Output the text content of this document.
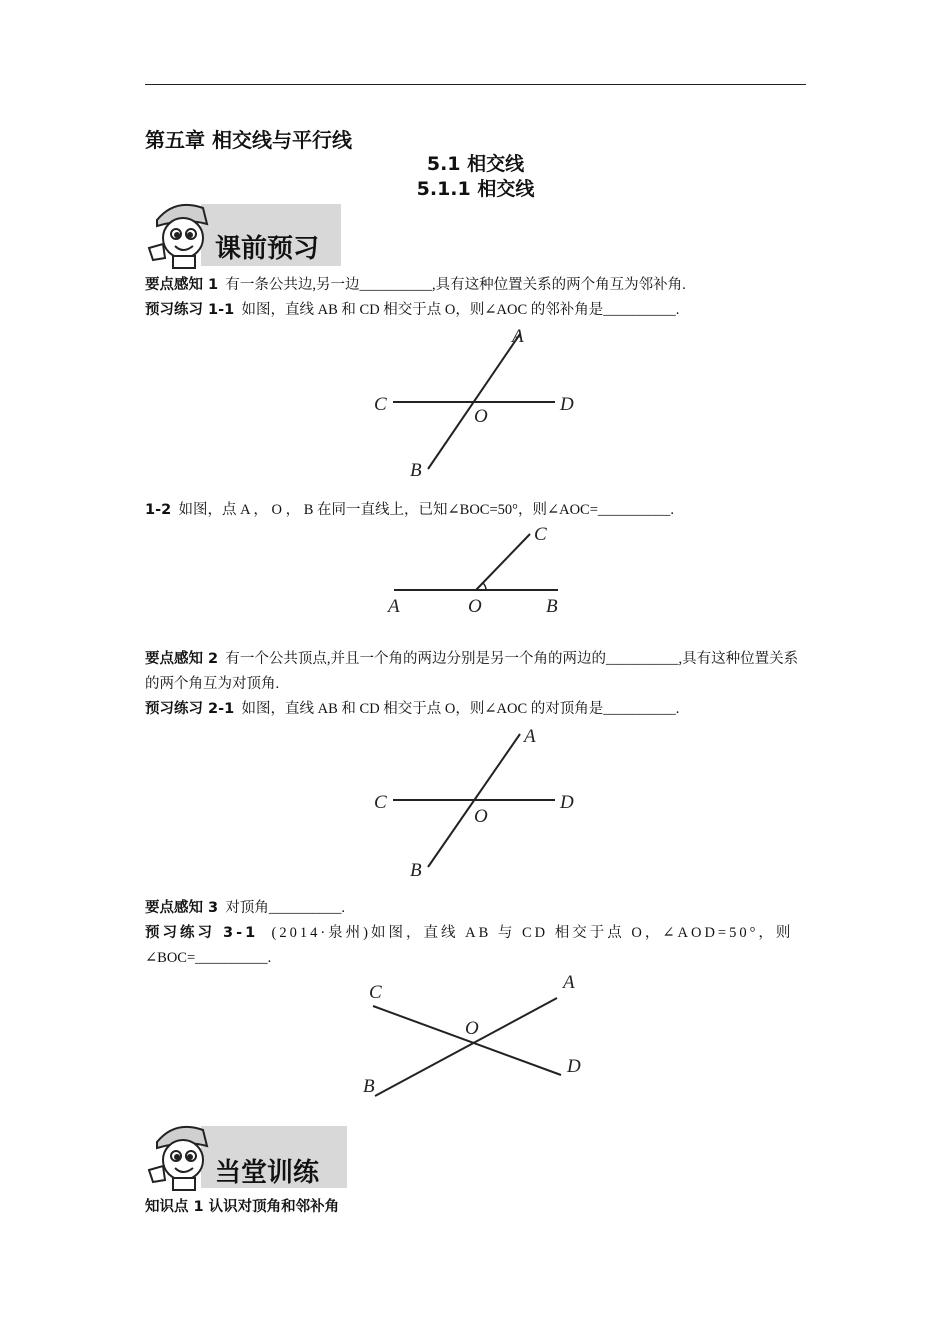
第五章 相交线与平行线
5.1 相交线
5.1.1 相交线
课前预习
要点感知 1 有一条公共边,另一边__________,具有这种位置关系的两个角互为邻补角.
预习练习 1-1 如图，直线 AB 和 CD 相交于点 O，则∠AOC 的邻补角是__________.
A
C	D
O
B
1-2 如图，点 A ， O ， B 在同一直线上，已知∠BOC=50°，则∠AOC=__________.
C
A	O	B
要点感知 2 有一个公共顶点,并且一个角的两边分别是另一个角的两边的__________,具有这种位置关系的两个角互为对顶角.
预习练习 2-1 如图，直线 AB 和 CD 相交于点 O，则∠AOC 的对顶角是__________.
A
C	D
O
B
要点感知 3 对顶角__________.
预习练习 3-1 (2014·泉州)如图，直线 AB 与 CD 相交于点 O，∠AOD=50°，则
∠BOC=__________.
C	A
O
D
B
当堂训练
知识点 1 认识对顶角和邻补角
